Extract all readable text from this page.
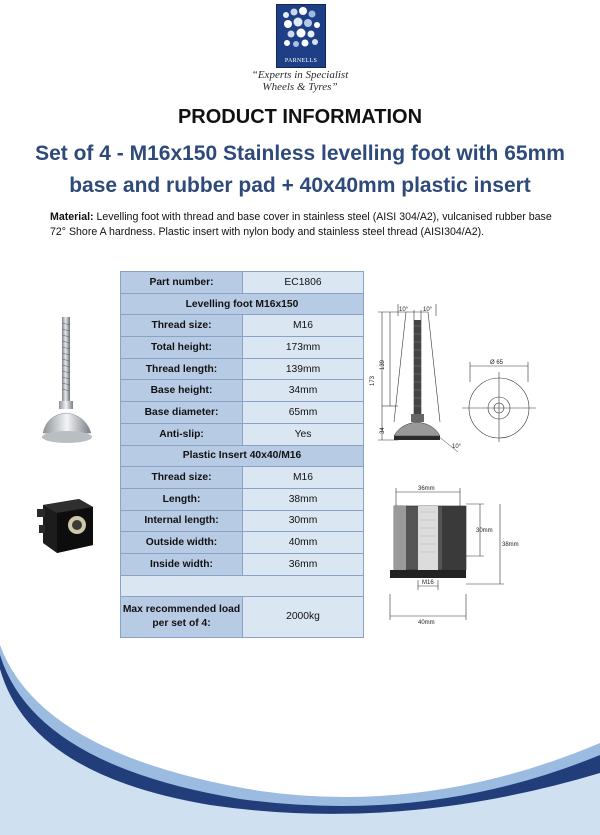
PARNELLS
“Experts in Specialist
Wheels & Tyres”
PRODUCT INFORMATION
Set of 4 - M16x150 Stainless levelling foot with 65mm
base and rubber pad + 40x40mm plastic insert
Material: Levelling foot with thread and base cover in stainless steel (AISI 304/A2), vulcanised rubber base 72° Shore A hardness. Plastic insert with nylon body and stainless steel thread (AISI304/A2).
Part number:	EC1806
Levelling foot M16x150	
Thread size:	M16
Total height:	173mm
Thread length:	139mm
Base height:	34mm
Base diameter:	65mm
Anti-slip:	Yes
Plastic Insert 40x40/M16	
Thread size:	M16
Length:	38mm
Internal length:	30mm
Outside width:	40mm
Inside width:	36mm

Max recommended load per set of 4:	2000kg
10° 10°
173
139
34
10°
Ø 65
36mm
30mm
38mm
M16
40mm
